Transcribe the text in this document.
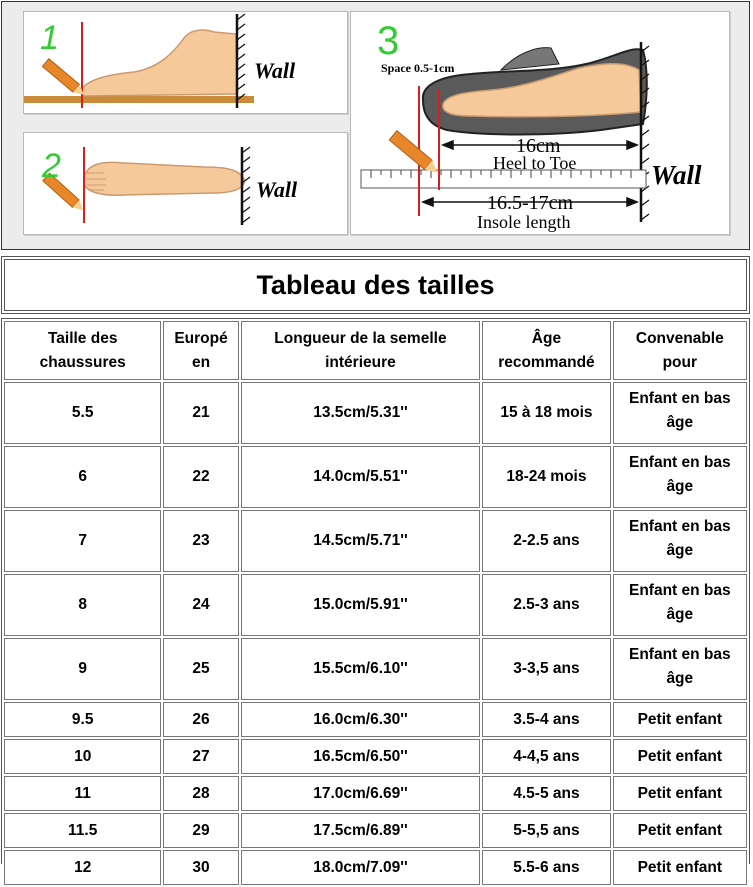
1
Wall
2
Wall
3
Space 0.5-1cm
16cm
Heel to Toe
16.5-17cm
Insole length
Wall
Tableau des tailles
Taille des chaussures	Europé en	Longueur de la semelle intérieure	Âge recommandé	Convenable pour
5.5	21	13.5cm/5.31''	15 à 18 mois	Enfant en bas âge
6	22	14.0cm/5.51''	18-24 mois	Enfant en bas âge
7	23	14.5cm/5.71''	2-2.5 ans	Enfant en bas âge
8	24	15.0cm/5.91''	2.5-3 ans	Enfant en bas âge
9	25	15.5cm/6.10''	3-3,5 ans	Enfant en bas âge
9.5	26	16.0cm/6.30''	3.5-4 ans	Petit enfant
10	27	16.5cm/6.50''	4-4,5 ans	Petit enfant
11	28	17.0cm/6.69''	4.5-5 ans	Petit enfant
11.5	29	17.5cm/6.89''	5-5,5 ans	Petit enfant
12	30	18.0cm/7.09''	5.5-6 ans	Petit enfant
